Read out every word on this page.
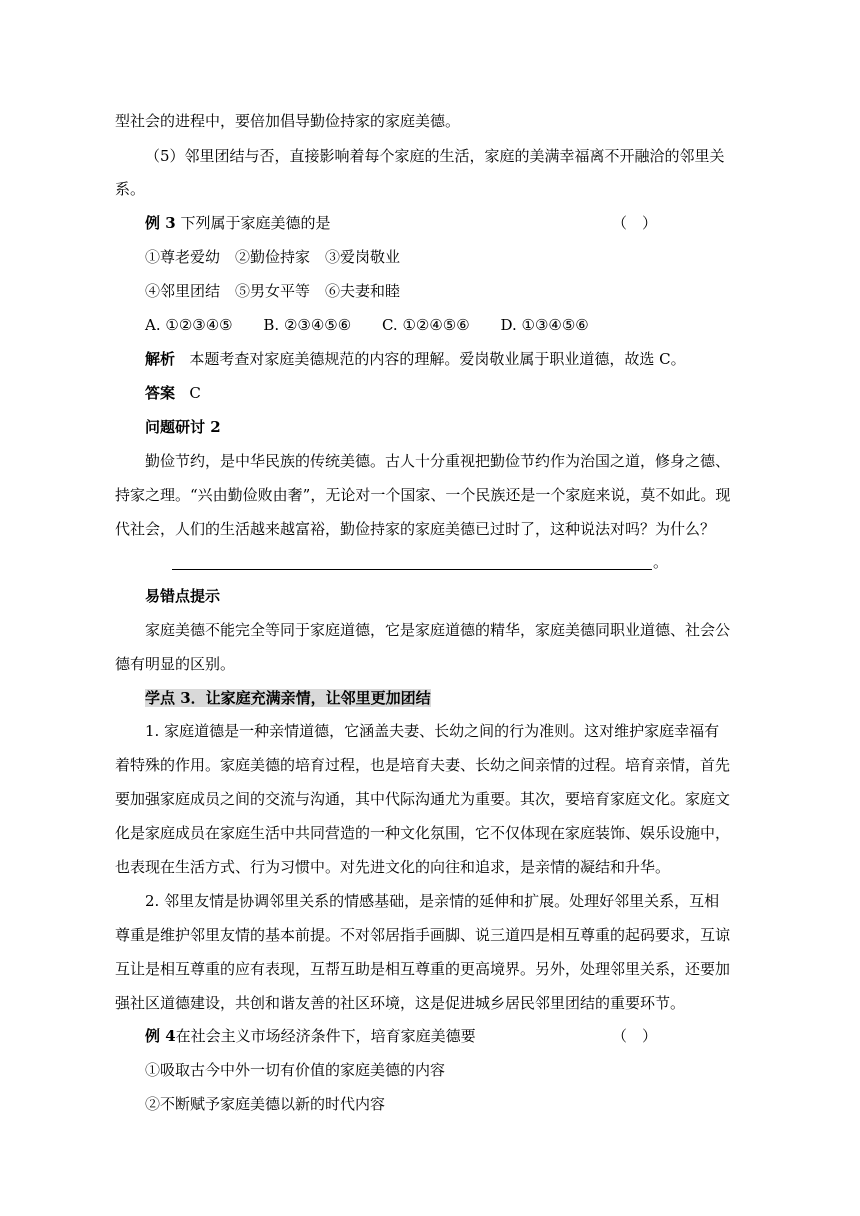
型社会的进程中，要倍加倡导勤俭持家的家庭美德。
（5）邻里团结与否，直接影响着每个家庭的生活，家庭的美满幸福离不开融洽的邻里关
系。
例 3 下列属于家庭美德的是	（　）
①尊老爱幼　②勤俭持家　③爱岗敬业
④邻里团结　⑤男女平等　⑥夫妻和睦
A. ①②③④⑤ B. ②③④⑤⑥ C. ①②④⑤⑥ D. ①③④⑤⑥
解析 本题考查对家庭美德规范的内容的理解。爱岗敬业属于职业道德，故选 C。
答案 C
问题研讨 2
勤俭节约，是中华民族的传统美德。古人十分重视把勤俭节约作为治国之道，修身之德、
持家之理。“兴由勤俭败由奢”，无论对一个国家、一个民族还是一个家庭来说，莫不如此。现
代社会，人们的生活越来越富裕，勤俭持家的家庭美德已过时了，这种说法对吗？为什么？
。
易错点提示
家庭美德不能完全等同于家庭道德，它是家庭道德的精华，家庭美德同职业道德、社会公
德有明显的区别。
学点 3．让家庭充满亲情，让邻里更加团结
1. 家庭道德是一种亲情道德，它涵盖夫妻、长幼之间的行为准则。这对维护家庭幸福有
着特殊的作用。家庭美德的培育过程，也是培育夫妻、长幼之间亲情的过程。培育亲情，首先
要加强家庭成员之间的交流与沟通，其中代际沟通尤为重要。其次，要培育家庭文化。家庭文
化是家庭成员在家庭生活中共同营造的一种文化氛围，它不仅体现在家庭装饰、娱乐设施中，
也表现在生活方式、行为习惯中。对先进文化的向往和追求，是亲情的凝结和升华。
2. 邻里友情是协调邻里关系的情感基础，是亲情的延伸和扩展。处理好邻里关系，互相
尊重是维护邻里友情的基本前提。不对邻居指手画脚、说三道四是相互尊重的起码要求，互谅
互让是相互尊重的应有表现，互帮互助是相互尊重的更高境界。另外，处理邻里关系，还要加
强社区道德建设，共创和谐友善的社区环境，这是促进城乡居民邻里团结的重要环节。
例 4在社会主义市场经济条件下，培育家庭美德要	（　）
①吸取古今中外一切有价值的家庭美德的内容
②不断赋予家庭美德以新的时代内容
